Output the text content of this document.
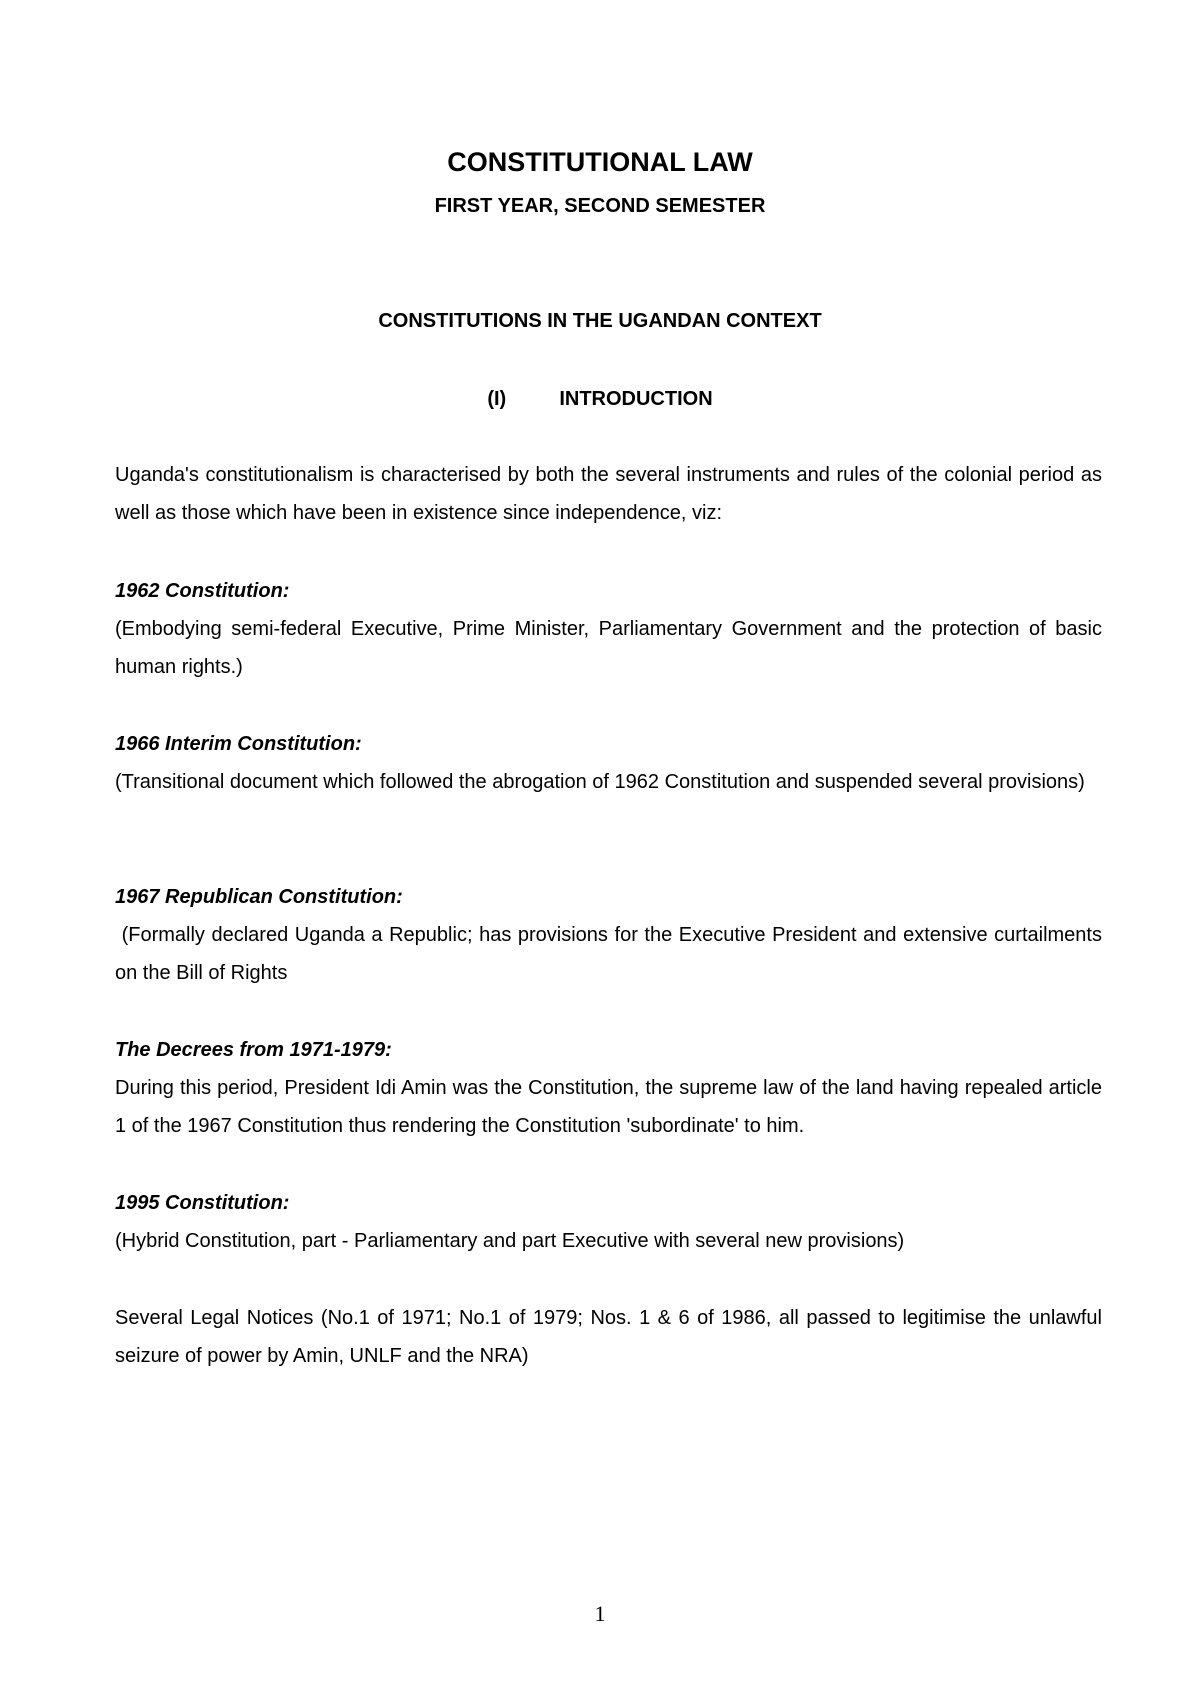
CONSTITUTIONAL LAW
FIRST YEAR, SECOND SEMESTER
CONSTITUTIONS IN THE UGANDAN CONTEXT
(I)	INTRODUCTION

Uganda's constitutionalism is characterised by both the several instruments and rules of the colonial period as well as those which have been in existence since independence, viz:

1962 Constitution:

(Embodying semi-federal Executive, Prime Minister, Parliamentary Government and the protection of basic human rights.)

1966 Interim Constitution:

(Transitional document which followed the abrogation of 1962 Constitution and suspended several provisions)

1967 Republican Constitution:

(Formally declared Uganda a Republic; has provisions for the Executive President and extensive curtailments on the Bill of Rights

The Decrees from 1971-1979:

During this period, President Idi Amin was the Constitution, the supreme law of the land having repealed article 1 of the 1967 Constitution thus rendering the Constitution 'subordinate' to him.

1995 Constitution:

(Hybrid Constitution, part - Parliamentary and part Executive with several new provisions)

Several Legal Notices (No.1 of 1971; No.1 of 1979; Nos. 1 & 6 of 1986, all passed to legitimise the unlawful seizure of power by Amin, UNLF and the NRA)

1
